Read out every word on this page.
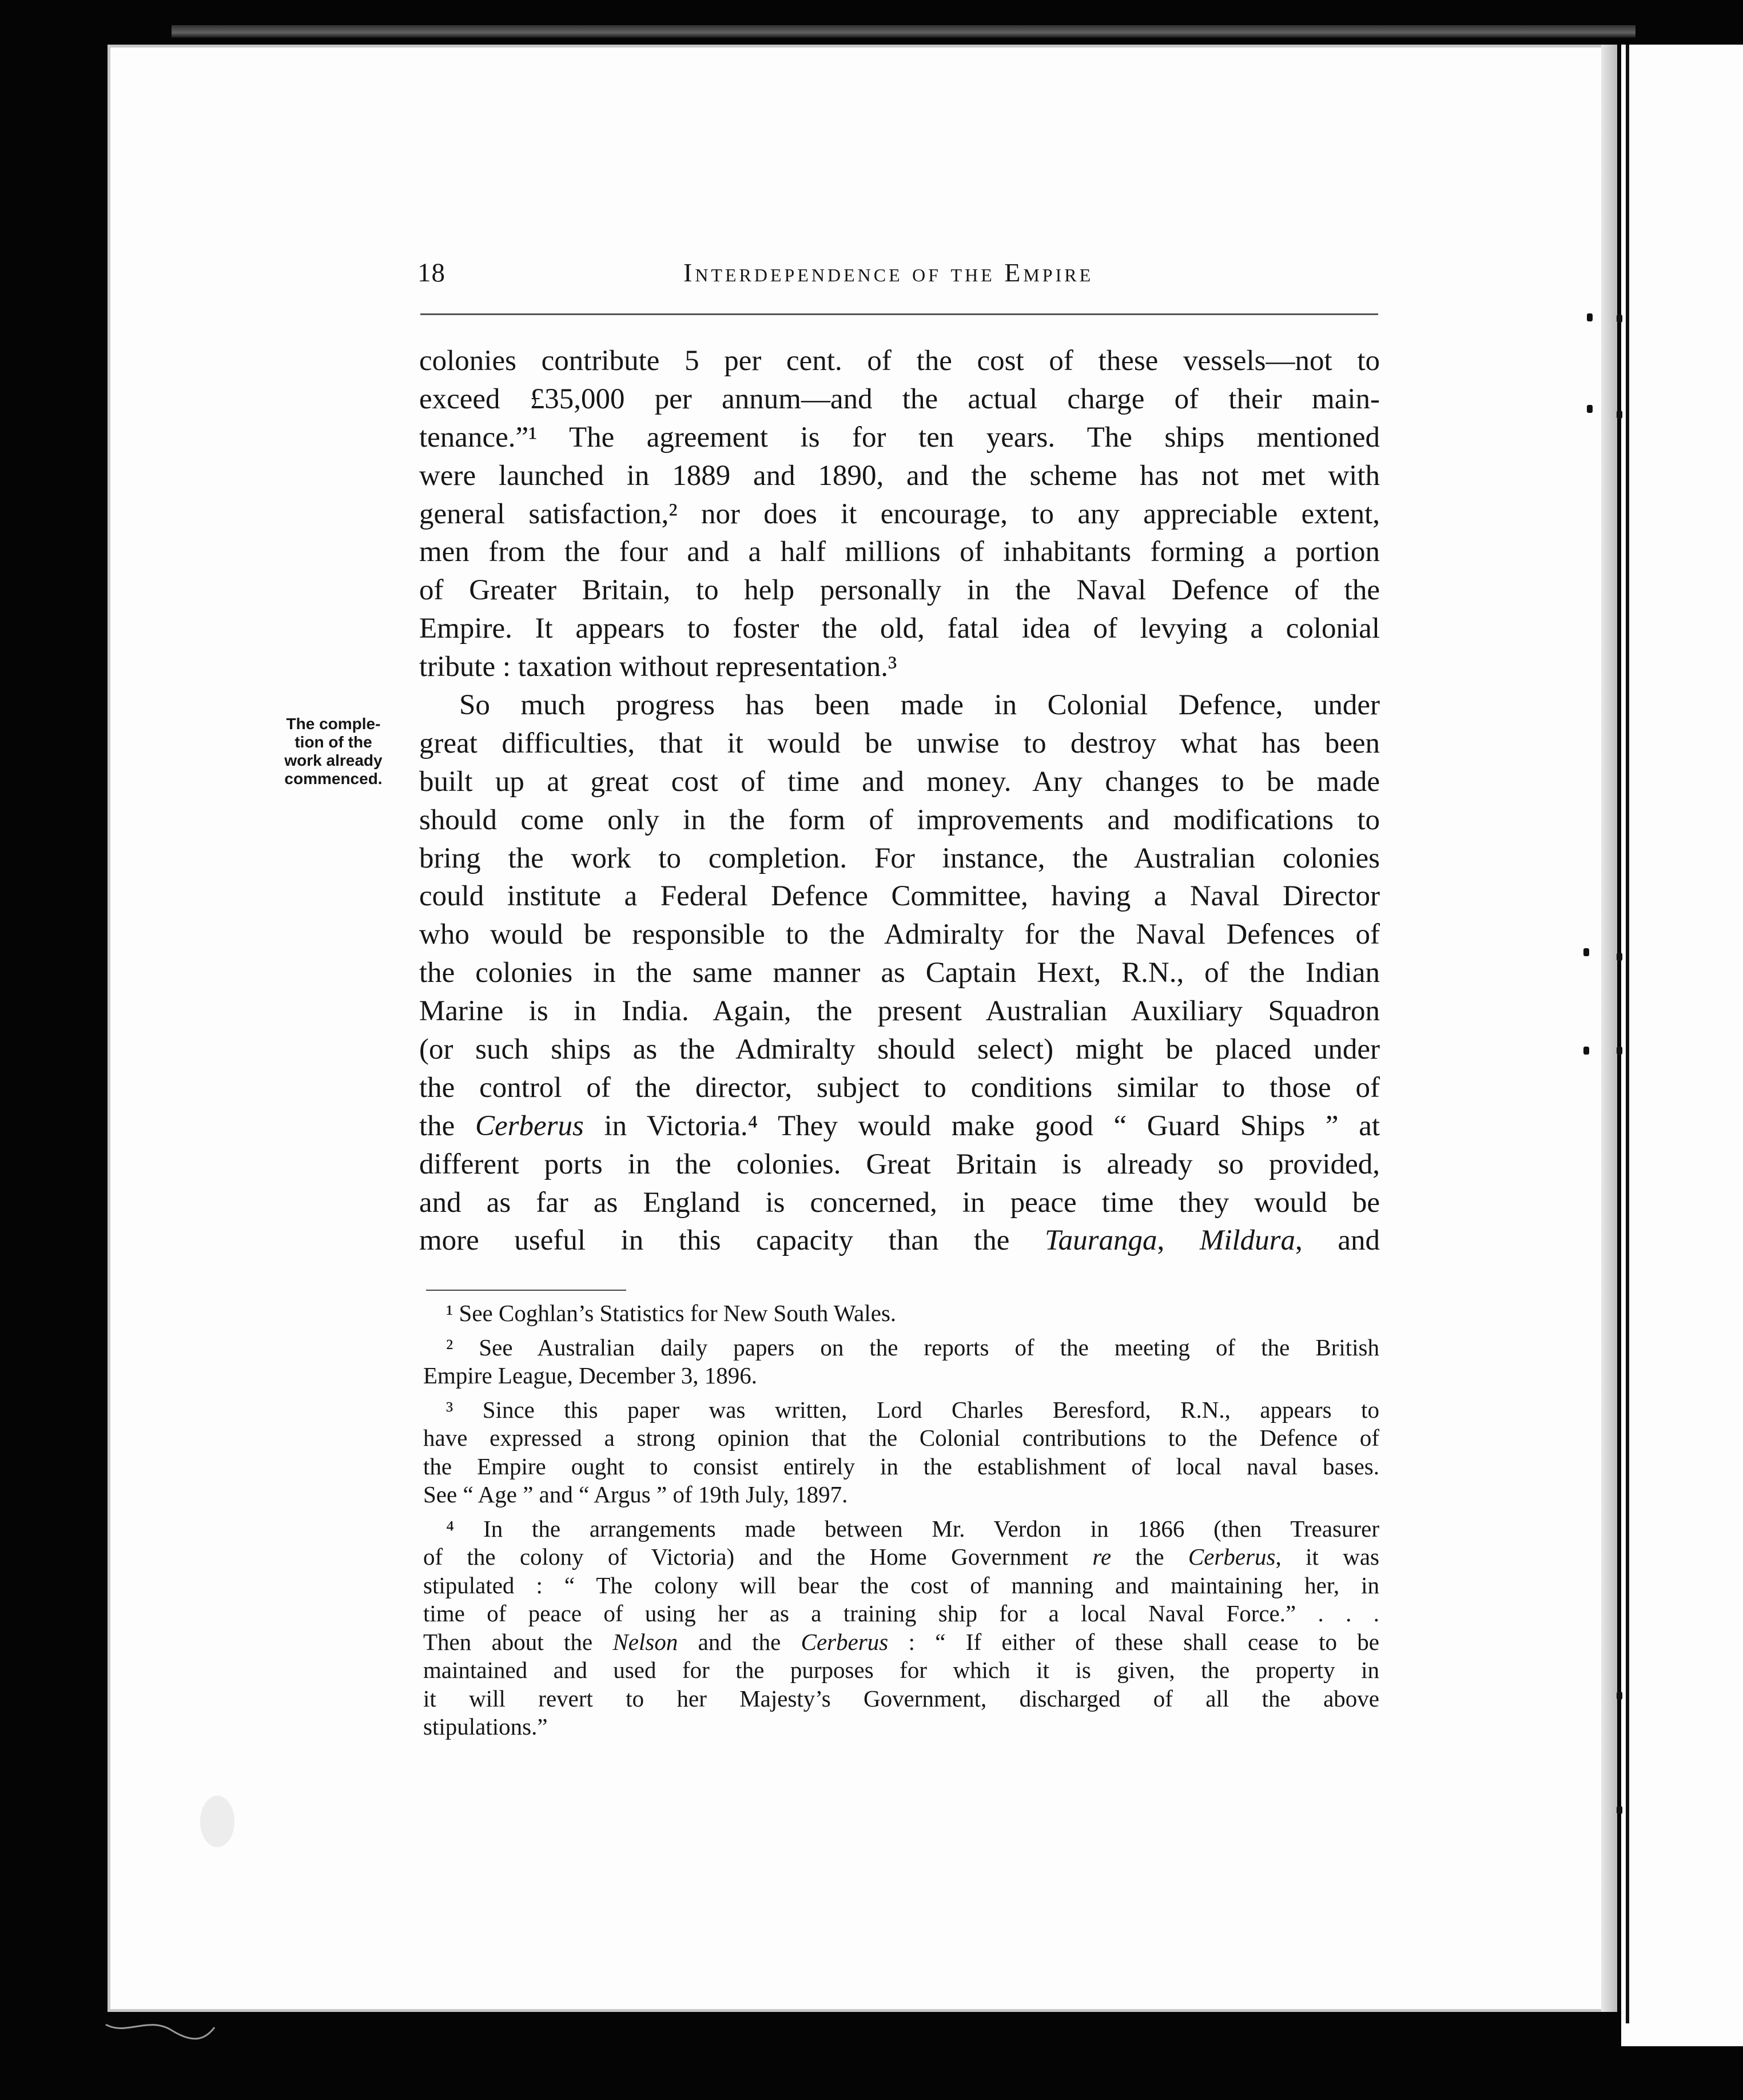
18	Interdependence of the Empire
The comple-
tion of the
work already
commenced.
colonies contribute 5 per cent. of the cost of these vessels—not to
exceed £35,000 per annum—and the actual charge of their main-
tenance.”¹ The agreement is for ten years. The ships mentioned
were launched in 1889 and 1890, and the scheme has not met with
general satisfaction,² nor does it encourage, to any appreciable extent,
men from the four and a half millions of inhabitants forming a portion
of Greater Britain, to help personally in the Naval Defence of the
Empire. It appears to foster the old, fatal idea of levying a colonial
tribute : taxation without representation.³
So much progress has been made in Colonial Defence, under
great difficulties, that it would be unwise to destroy what has been
built up at great cost of time and money. Any changes to be made
should come only in the form of improvements and modifications to
bring the work to completion. For instance, the Australian colonies
could institute a Federal Defence Committee, having a Naval Director
who would be responsible to the Admiralty for the Naval Defences of
the colonies in the same manner as Captain Hext, R.N., of the Indian
Marine is in India. Again, the present Australian Auxiliary Squadron
(or such ships as the Admiralty should select) might be placed under
the control of the director, subject to conditions similar to those of
the Cerberus in Victoria.⁴ They would make good “ Guard Ships ” at
different ports in the colonies. Great Britain is already so provided,
and as far as England is concerned, in peace time they would be
more useful in this capacity than the Tauranga, Mildura, and
¹ See Coghlan’s Statistics for New South Wales.
² See Australian daily papers on the reports of the meeting of the British
Empire League, December 3, 1896.
³ Since this paper was written, Lord Charles Beresford, R.N., appears to
have expressed a strong opinion that the Colonial contributions to the Defence of
the Empire ought to consist entirely in the establishment of local naval bases.
See “ Age ” and “ Argus ” of 19th July, 1897.
⁴ In the arrangements made between Mr. Verdon in 1866 (then Treasurer
of the colony of Victoria) and the Home Government re the Cerberus, it was
stipulated : “ The colony will bear the cost of manning and maintaining her, in
time of peace of using her as a training ship for a local Naval Force.” . . .
Then about the Nelson and the Cerberus : “ If either of these shall cease to be
maintained and used for the purposes for which it is given, the property in
it will revert to her Majesty’s Government, discharged of all the above
stipulations.”
